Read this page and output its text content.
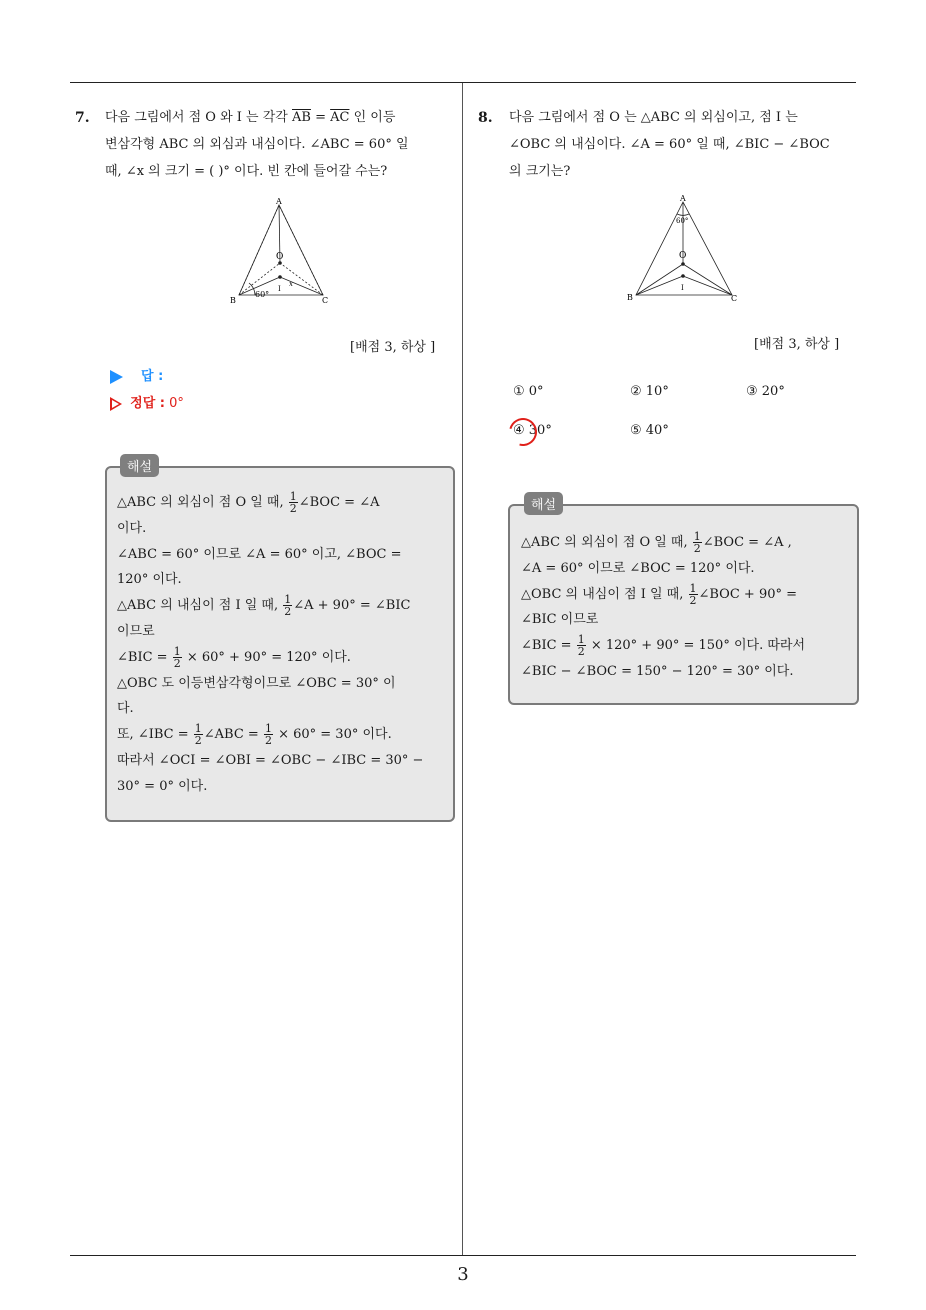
3
7. 다음 그림에서 점 O 와 I 는 각각 $\overline{AB} = \overline{AC}$ 인 이등
변삼각형 ABC 의 외심과 내심이다. ∠ABC = 60° 일
때, ∠x 의 크기 = ( )° 이다. 빈 칸에 들어갈 수는?
A
O
I
B	C
60°
x
[배점 3, 하상 ]
답 :
정답 : 0°
해설
△ABC 의 외심이 점 O 일 때, $\frac{1}{2}$ ∠BOC = ∠A
이다.
∠ABC = 60° 이므로 ∠A = 60° 이고, ∠BOC =
120° 이다.
△ABC 의 내심이 점 I 일 때, $\frac{1}{2}$ ∠A + 90° = ∠BIC
이므로
∠BIC = $\frac{1}{2} \times 60^\circ + 90^\circ = 120^\circ$ 이다.
△OBC 도 이등변삼각형이므로 ∠OBC = 30° 이
다.
또, ∠IBC = $\frac{1}{2}$ ∠ABC = $\frac{1}{2} \times 60^\circ = 30^\circ$ 이다.
따라서 ∠OCI = ∠OBI = ∠OBC − ∠IBC = 30° −
30° = 0° 이다.
8. 다음 그림에서 점 O 는 △ABC 의 외심이고, 점 I 는
∠OBC 의 내심이다. ∠A = 60° 일 때, ∠BIC − ∠BOC
의 크기는?
A
60°
O
I
B	C
[배점 3, 하상 ]
① 0°	② 10°	③ 20°
④ 30°	⑤ 40°
해설
△ABC 의 외심이 점 O 일 때, $\frac{1}{2}$ ∠BOC = ∠A ,
∠A = 60° 이므로 ∠BOC = 120° 이다.
△OBC 의 내심이 점 I 일 때, $\frac{1}{2}$ ∠BOC + 90° =
∠BIC 이므로
∠BIC = $\frac{1}{2} \times 120^\circ + 90^\circ = 150^\circ$ 이다. 따라서
∠BIC − ∠BOC = 150° − 120° = 30° 이다.
